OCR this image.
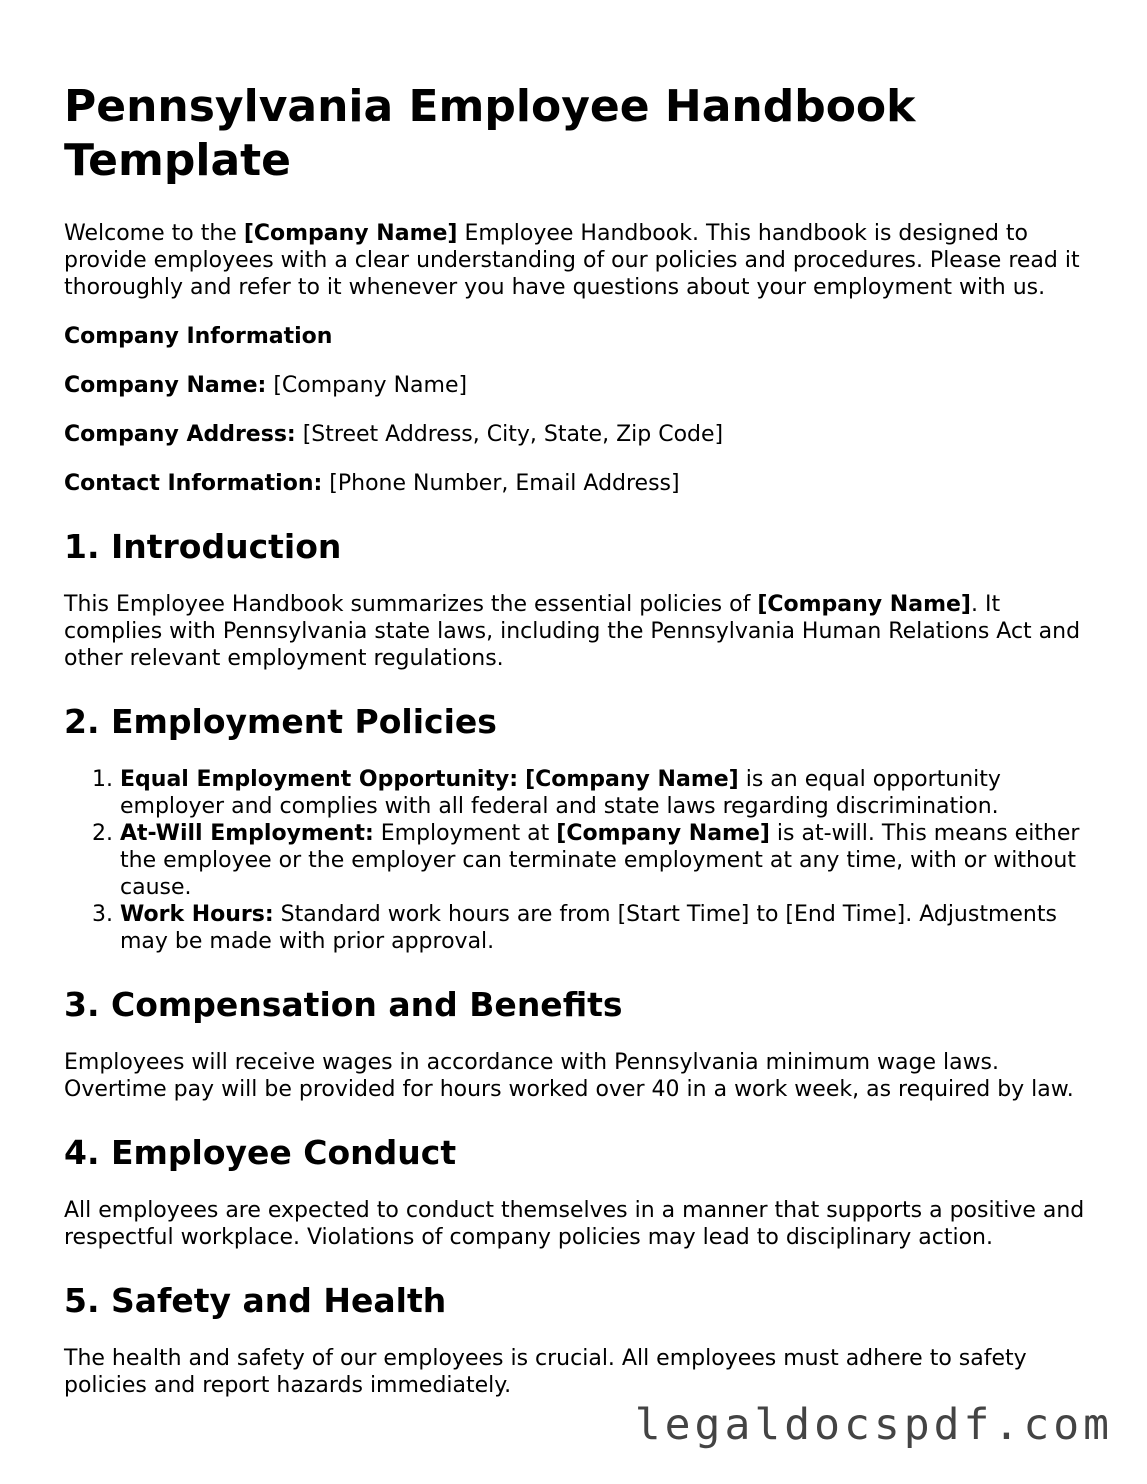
Pennsylvania Employee Handbook Template

Welcome to the [Company Name] Employee Handbook. This handbook is designed to provide employees with a clear understanding of our policies and procedures. Please read it thoroughly and refer to it whenever you have questions about your employment with us.

Company Information

Company Name: [Company Name]

Company Address: [Street Address, City, State, Zip Code]

Contact Information: [Phone Number, Email Address]

1. Introduction

This Employee Handbook summarizes the essential policies of [Company Name]. It complies with Pennsylvania state laws, including the Pennsylvania Human Relations Act and other relevant employment regulations.

2. Employment Policies
1. Equal Employment Opportunity: [Company Name] is an equal opportunity employer and complies with all federal and state laws regarding discrimination.
2. At-Will Employment: Employment at [Company Name] is at-will. This means either the employee or the employer can terminate employment at any time, with or without cause.
3. Work Hours: Standard work hours are from [Start Time] to [End Time]. Adjustments may be made with prior approval.
3. Compensation and Benefits

Employees will receive wages in accordance with Pennsylvania minimum wage laws. Overtime pay will be provided for hours worked over 40 in a work week, as required by law.

4. Employee Conduct

All employees are expected to conduct themselves in a manner that supports a positive and respectful workplace. Violations of company policies may lead to disciplinary action.

5. Safety and Health

The health and safety of our employees is crucial. All employees must adhere to safety policies and report hazards immediately.

legaldocspdf.com
